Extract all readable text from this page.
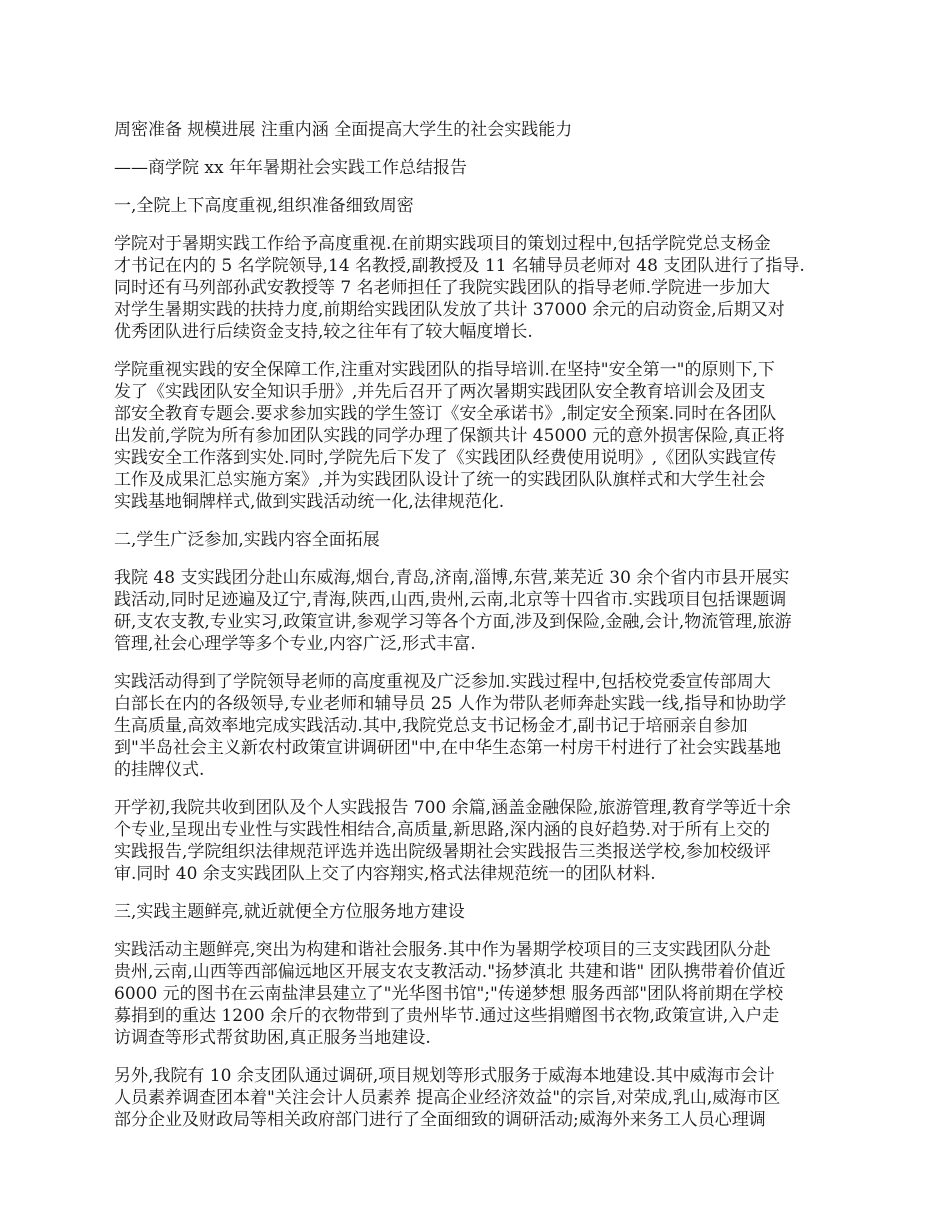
周密准备 规模进展 注重内涵 全面提高大学生的社会实践能力

——商学院 xx 年年暑期社会实践工作总结报告

一,全院上下高度重视,组织准备细致周密

学院对于暑期实践工作给予高度重视.在前期实践项目的策划过程中,包括学院党总支杨金
才书记在内的 5 名学院领导,14 名教授,副教授及 11 名辅导员老师对 48 支团队进行了指导.
同时还有马列部孙武安教授等 7 名老师担任了我院实践团队的指导老师.学院进一步加大
对学生暑期实践的扶持力度,前期给实践团队发放了共计 37000 余元的启动资金,后期又对
优秀团队进行后续资金支持,较之往年有了较大幅度增长.
学院重视实践的安全保障工作,注重对实践团队的指导培训.在坚持"安全第一"的原则下,下
发了《实践团队安全知识手册》,并先后召开了两次暑期实践团队安全教育培训会及团支
部安全教育专题会.要求参加实践的学生签订《安全承诺书》,制定安全预案.同时在各团队
出发前,学院为所有参加团队实践的同学办理了保额共计 45000 元的意外损害保险,真正将
实践安全工作落到实处.同时,学院先后下发了《实践团队经费使用说明》,《团队实践宣传
工作及成果汇总实施方案》,并为实践团队设计了统一的实践团队队旗样式和大学生社会
实践基地铜牌样式,做到实践活动统一化,法律规范化.

二,学生广泛参加,实践内容全面拓展

我院 48 支实践团分赴山东威海,烟台,青岛,济南,淄博,东营,莱芜近 30 余个省内市县开展实
践活动,同时足迹遍及辽宁,青海,陕西,山西,贵州,云南,北京等十四省市.实践项目包括课题调
研,支农支教,专业实习,政策宣讲,参观学习等各个方面,涉及到保险,金融,会计,物流管理,旅游
管理,社会心理学等多个专业,内容广泛,形式丰富.
实践活动得到了学院领导老师的高度重视及广泛参加.实践过程中,包括校党委宣传部周大
白部长在内的各级领导,专业老师和辅导员 25 人作为带队老师奔赴实践一线,指导和协助学
生高质量,高效率地完成实践活动.其中,我院党总支书记杨金才,副书记于培丽亲自参加
到"半岛社会主义新农村政策宣讲调研团"中,在中华生态第一村房干村进行了社会实践基地
的挂牌仪式.
开学初,我院共收到团队及个人实践报告 700 余篇,涵盖金融保险,旅游管理,教育学等近十余
个专业,呈现出专业性与实践性相结合,高质量,新思路,深内涵的良好趋势.对于所有上交的
实践报告,学院组织法律规范评选并选出院级暑期社会实践报告三类报送学校,参加校级评
审.同时 40 余支实践团队上交了内容翔实,格式法律规范统一的团队材料.

三,实践主题鲜亮,就近就便全方位服务地方建设

实践活动主题鲜亮,突出为构建和谐社会服务.其中作为暑期学校项目的三支实践团队分赴
贵州,云南,山西等西部偏远地区开展支农支教活动."扬梦滇北 共建和谐" 团队携带着价值近
6000 元的图书在云南盐津县建立了"光华图书馆";"传递梦想 服务西部"团队将前期在学校
募捐到的重达 1200 余斤的衣物带到了贵州毕节.通过这些捐赠图书衣物,政策宣讲,入户走
访调查等形式帮贫助困,真正服务当地建设.
另外,我院有 10 余支团队通过调研,项目规划等形式服务于威海本地建设.其中威海市会计
人员素养调查团本着"关注会计人员素养 提高企业经济效益"的宗旨,对荣成,乳山,威海市区
部分企业及财政局等相关政府部门进行了全面细致的调研活动;威海外来务工人员心理调
